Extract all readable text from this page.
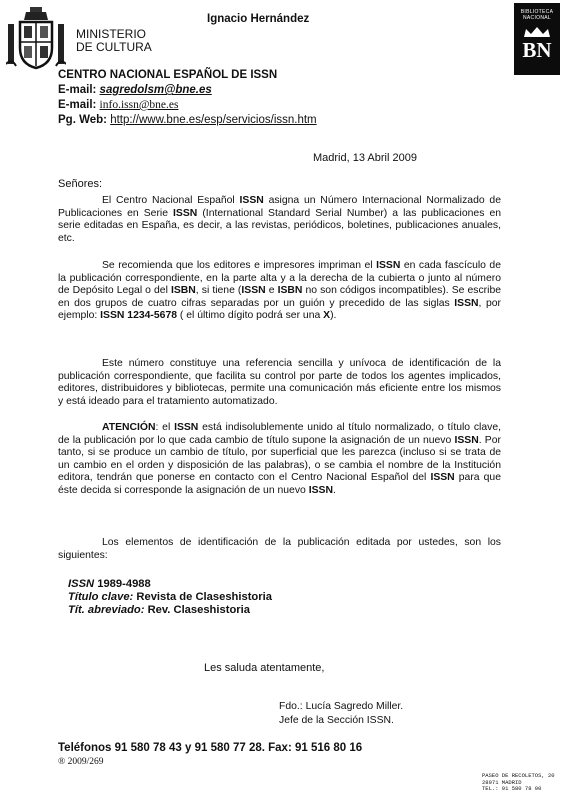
MINISTERIO
DE CULTURA
Ignacio Hernández
BIBLIOTECA
NACIONAL
BN
CENTRO NACIONAL ESPAÑOL DE ISSN
E-mail: sagredolsm@bne.es
E-mail: info.issn@bne.es
Pg. Web: http://www.bne.es/esp/servicios/issn.htm
Madrid, 13 Abril 2009
Señores:

El Centro Nacional Español ISSN asigna un Número Internacional Normalizado de Publicaciones en Serie ISSN (International Standard Serial Number) a las publicaciones en serie editadas en España, es decir, a las revistas, periódicos, boletines, publicaciones anuales, etc.

Se recomienda que los editores e impresores impriman el ISSN en cada fascículo de la publicación correspondiente, en la parte alta y a la derecha de la cubierta o junto al número de Depósito Legal o del ISBN, si tiene (ISSN e ISBN no son códigos incompatibles). Se escribe en dos grupos de cuatro cifras separadas por un guión y precedido de las siglas ISSN, por ejemplo: ISSN 1234-5678 ( el último dígito podrá ser una X).

Este número constituye una referencia sencilla y unívoca de identificación de la publicación correspondiente, que facilita su control por parte de todos los agentes implicados, editores, distribuidores y bibliotecas, permite una comunicación más eficiente entre los mismos y está ideado para el tratamiento automatizado.

ATENCIÓN: el ISSN está indisolublemente unido al título normalizado, o título clave, de la publicación por lo que cada cambio de título supone la asignación de un nuevo ISSN. Por tanto, si se produce un cambio de título, por superficial que les parezca (incluso si se trata de un cambio en el orden y disposición de las palabras), o se cambia el nombre de la Institución editora, tendrán que ponerse en contacto con el Centro Nacional Español del ISSN para que éste decida si corresponde la asignación de un nuevo ISSN.

Los elementos de identificación de la publicación editada por ustedes, son los siguientes:

ISSN 1989-4988
Título clave: Revista de Claseshistoria
Tít. abreviado: Rev. Claseshistoria
Les saluda atentamente,
Fdo.: Lucía Sagredo Miller.
Jefe de la Sección ISSN.
Teléfonos 91 580 78 43 y 91 580 77 28. Fax: 91 516 80 16
® 2009/269
PASEO DE RECOLETOS, 20
28071 MADRID
TEL.: 91 580 78 00
